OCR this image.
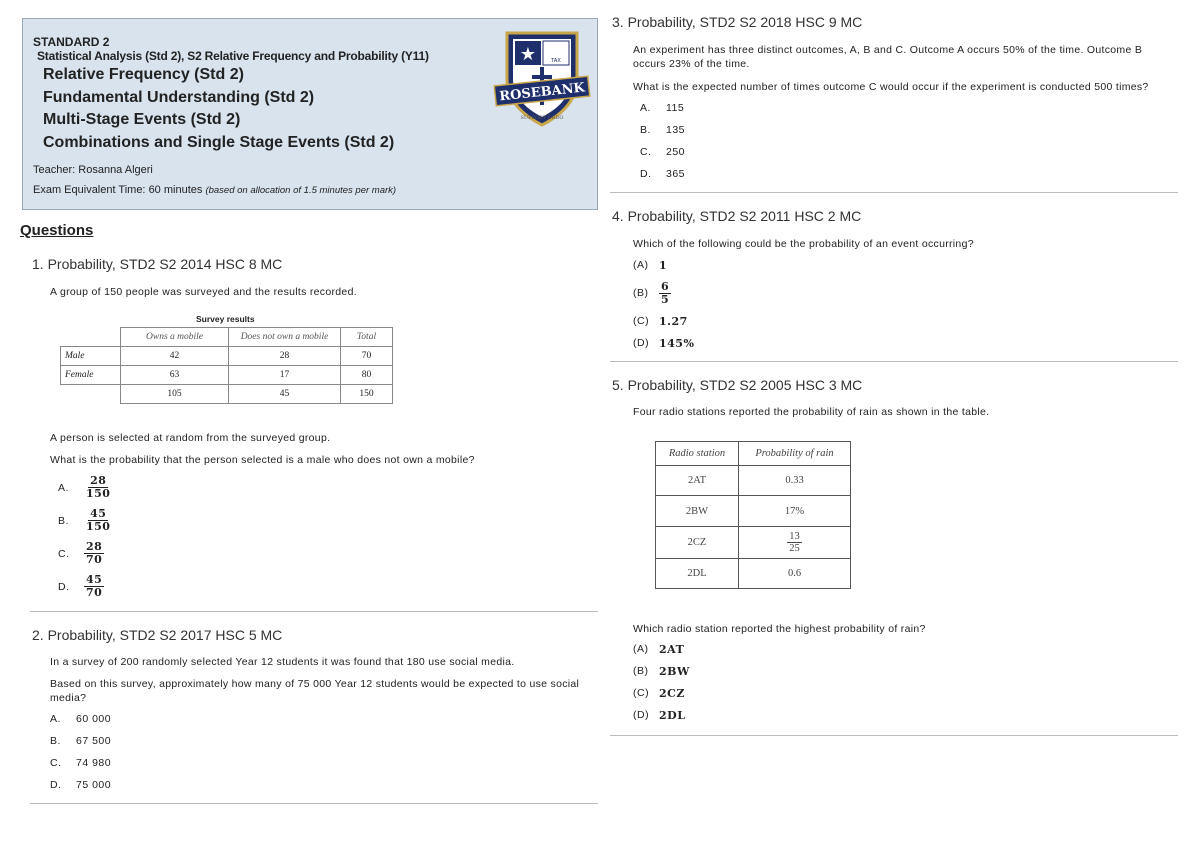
STANDARD 2
Statistical Analysis (Std 2), S2 Relative Frequency and Probability (Y11)
Relative Frequency (Std 2)
Fundamental Understanding (Std 2)
Multi-Stage Events (Std 2)
Combinations and Single Stage Events (Std 2)
Teacher: Rosanna Algeri
Exam Equivalent Time: 60 minutes (based on allocation of 1.5 minutes per mark)
★	TAX
ROSEBANK
SUPPORT ORDO
Questions
1. Probability, STD2 S2 2014 HSC 8 MC
A group of 150 people was surveyed and the results recorded.
Survey results
	Owns a mobile	Does not own a mobile	Total
Male	42	28	70
Female	63	17	80
	105	45	150
A person is selected at random from the surveyed group.
What is the probability that the person selected is a male who does not own a mobile?
A.	$\frac{28}{150}$
B.	$\frac{45}{150}$
C.	$\frac{28}{70}$
D.	$\frac{45}{70}$
2. Probability, STD2 S2 2017 HSC 5 MC
In a survey of 200 randomly selected Year 12 students it was found that 180 use social media.
Based on this survey, approximately how many of 75 000 Year 12 students would be expected to use social media?
A.	60 000
B.	67 500
C.	74 980
D.	75 000
3. Probability, STD2 S2 2018 HSC 9 MC
An experiment has three distinct outcomes, A, B and C. Outcome A occurs 50% of the time. Outcome B occurs 23% of the time.
What is the expected number of times outcome C would occur if the experiment is conducted 500 times?
A.	115
B.	135
C.	250
D.	365
4. Probability, STD2 S2 2011 HSC 2 MC
Which of the following could be the probability of an event occurring?
(A) 1
$(B) \frac{6}{5}$
(C) 1.27
(D) 145%
5. Probability, STD2 S2 2005 HSC 3 MC
Four radio stations reported the probability of rain as shown in the table.
Radio station	Probability of rain
2AT	0.33
2BW	17%
2CZ	$\frac{13}{25}$

2DL	0.6
Which radio station reported the highest probability of rain?
(A) 2AT
(B) 2BW
(C) 2CZ
(D) 2DL
